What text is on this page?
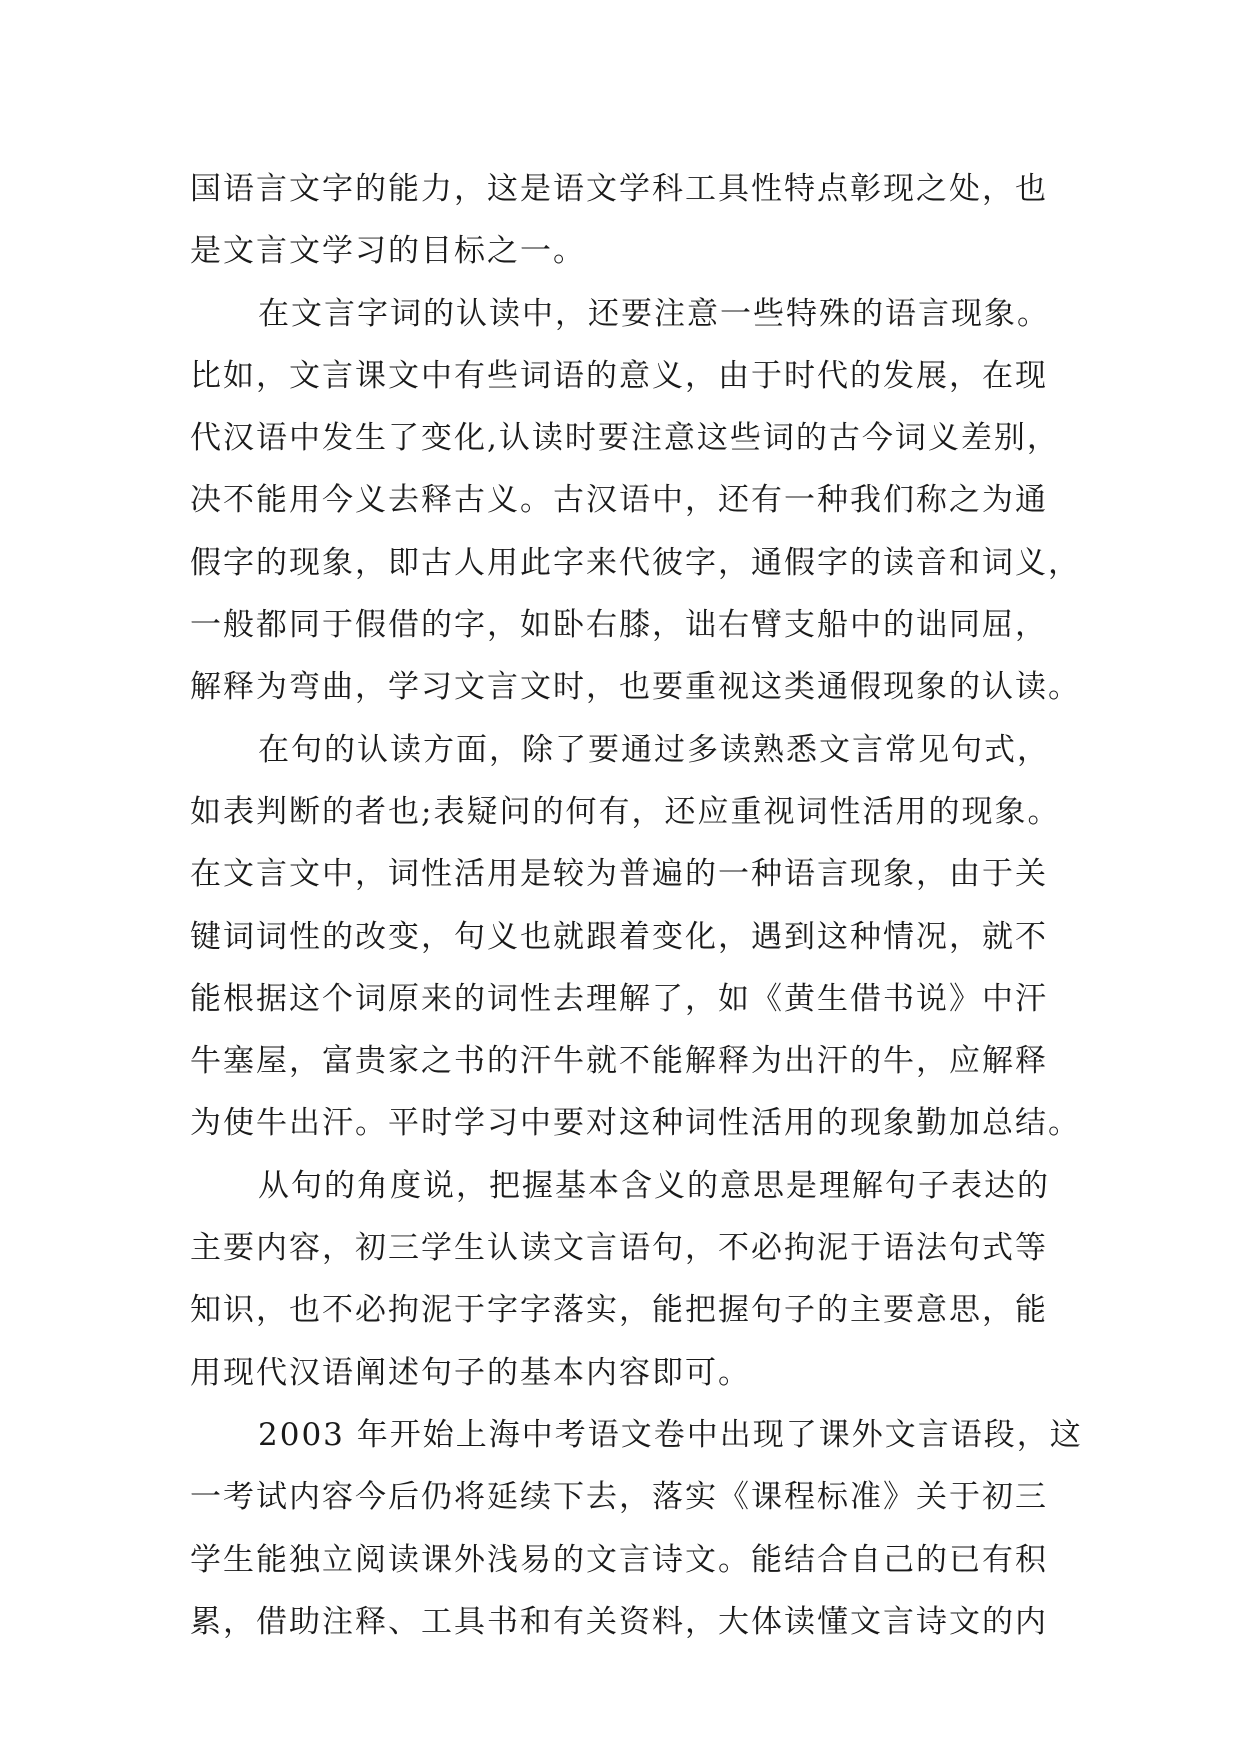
国语言文字的能力，这是语文学科工具性特点彰现之处，也
是文言文学习的目标之一。
在文言字词的认读中，还要注意一些特殊的语言现象。
比如，文言课文中有些词语的意义，由于时代的发展，在现
代汉语中发生了变化,认读时要注意这些词的古今词义差别，
决不能用今义去释古义。古汉语中，还有一种我们称之为通
假字的现象，即古人用此字来代彼字，通假字的读音和词义，
一般都同于假借的字，如卧右膝，诎右臂支船中的诎同屈，
解释为弯曲，学习文言文时，也要重视这类通假现象的认读。
在句的认读方面，除了要通过多读熟悉文言常见句式，
如表判断的者也;表疑问的何有，还应重视词性活用的现象。
在文言文中，词性活用是较为普遍的一种语言现象，由于关
键词词性的改变，句义也就跟着变化，遇到这种情况，就不
能根据这个词原来的词性去理解了，如《黄生借书说》中汗
牛塞屋，富贵家之书的汗牛就不能解释为出汗的牛，应解释
为使牛出汗。平时学习中要对这种词性活用的现象勤加总结。
从句的角度说，把握基本含义的意思是理解句子表达的
主要内容，初三学生认读文言语句，不必拘泥于语法句式等
知识，也不必拘泥于字字落实，能把握句子的主要意思，能
用现代汉语阐述句子的基本内容即可。
2003 年开始上海中考语文卷中出现了课外文言语段，这
一考试内容今后仍将延续下去，落实《课程标准》关于初三
学生能独立阅读课外浅易的文言诗文。能结合自己的已有积
累，借助注释、工具书和有关资料，大体读懂文言诗文的内
